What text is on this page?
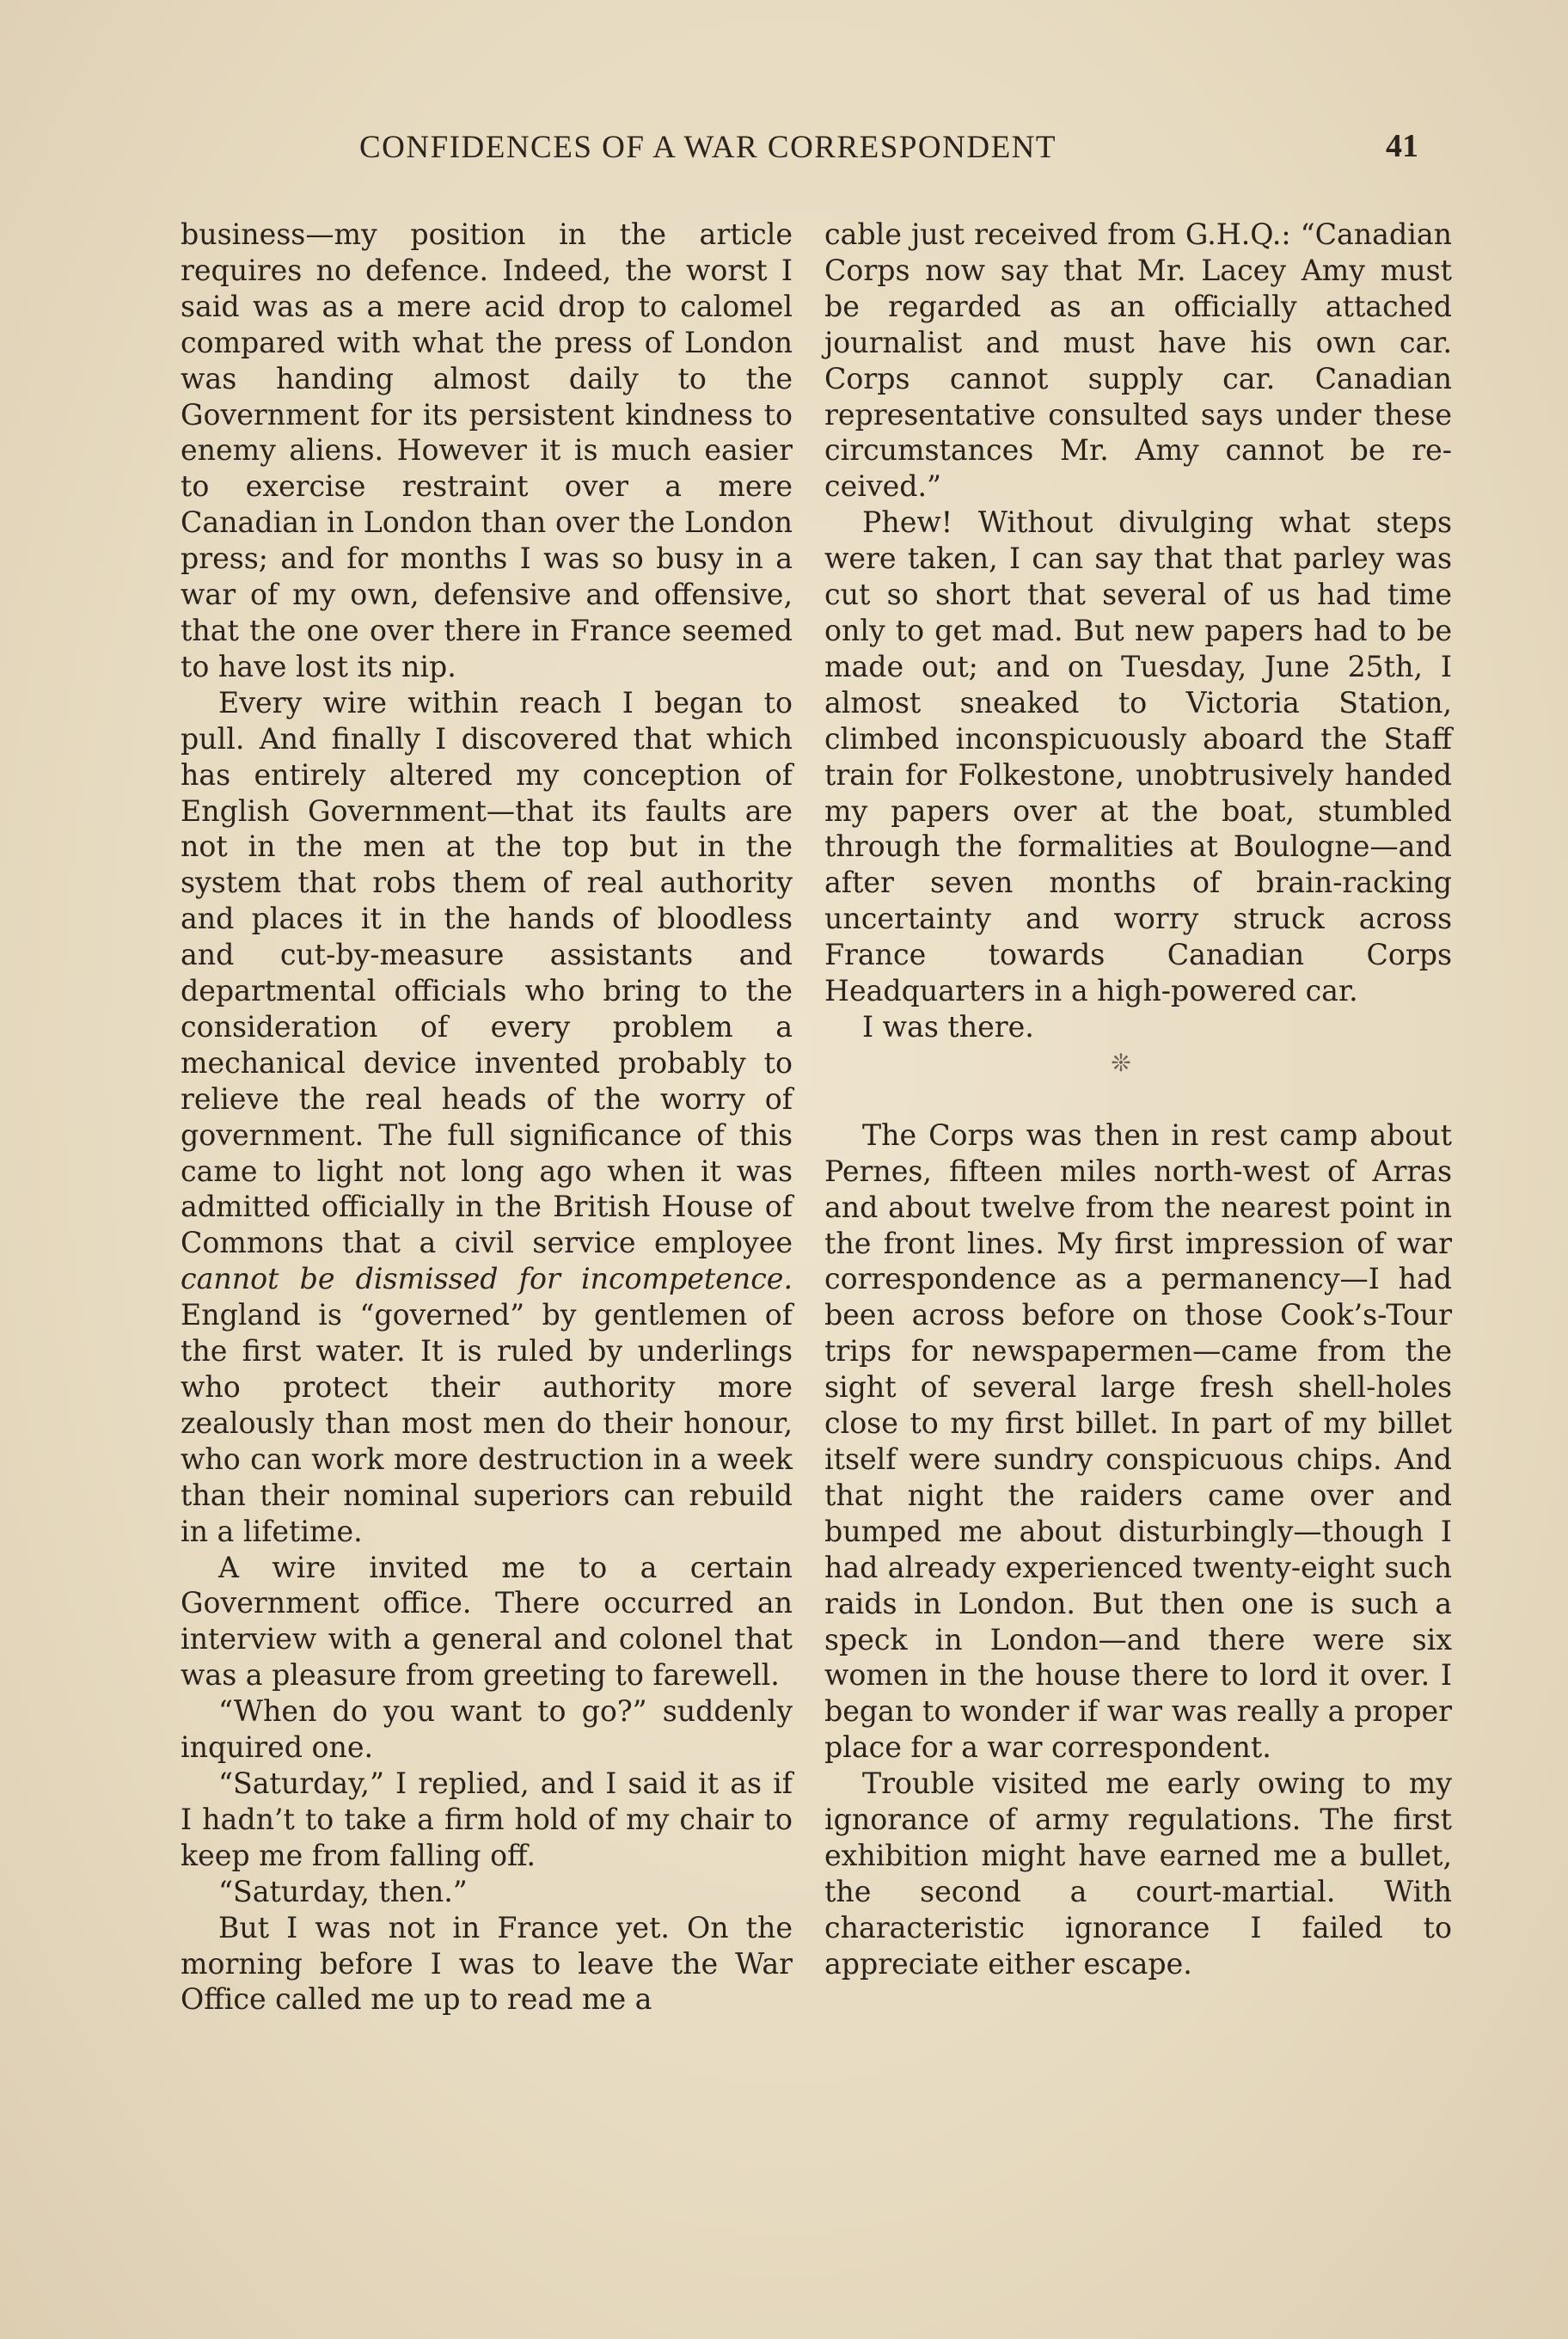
CONFIDENCES OF A WAR CORRESPONDENT	41

business—my position in the article requires no defence. Indeed, the worst I said was as a mere acid drop to calomel compared with what the press of London was handing almost daily to the Government for its persistent kindness to enemy aliens. However it is much easier to exercise restraint over a mere Canadian in London than over the London press; and for months I was so busy in a war of my own, defensive and offensive, that the one over there in France seemed to have lost its nip.

Every wire within reach I began to pull. And finally I discovered that which has entirely altered my conception of English Government—that its faults are not in the men at the top but in the system that robs them of real authority and places it in the hands of bloodless and cut-by-measure assistants and departmental officials who bring to the consideration of every problem a mechanical device invented probably to relieve the real heads of the worry of government. The full significance of this came to light not long ago when it was admitted officially in the British House of Commons that a civil service employee cannot be dismissed for incompetence. England is “governed” by gentlemen of the first water. It is ruled by underlings who protect their authority more zealously than most men do their honour, who can work more destruction in a week than their nominal superiors can rebuild in a lifetime.

A wire invited me to a certain Government office. There occurred an interview with a general and colonel that was a pleasure from greeting to farewell.

“When do you want to go?” suddenly inquired one.

“Saturday,” I replied, and I said it as if I hadn’t to take a firm hold of my chair to keep me from falling off.

“Saturday, then.”

But I was not in France yet. On the morning before I was to leave the War Office called me up to read me a

cable just received from G.H.Q.: “Canadian Corps now say that Mr. Lacey Amy must be regarded as an officially attached journalist and must have his own car. Corps cannot supply car. Canadian representative consulted says under these circumstances Mr. Amy cannot be received.”

Phew! Without divulging what steps were taken, I can say that that parley was cut so short that several of us had time only to get mad. But new papers had to be made out; and on Tuesday, June 25th, I almost sneaked to Victoria Station, climbed inconspicuously aboard the Staff train for Folkestone, unobtrusively handed my papers over at the boat, stumbled through the formalities at Boulogne—and after seven months of brain-racking uncertainty and worry struck across France towards Canadian Corps Headquarters in a high-powered car.

I was there.

❊

The Corps was then in rest camp about Pernes, fifteen miles north-west of Arras and about twelve from the nearest point in the front lines. My first impression of war correspondence as a permanency—I had been across before on those Cook’s-Tour trips for newspapermen—came from the sight of several large fresh shell-holes close to my first billet. In part of my billet itself were sundry conspicuous chips. And that night the raiders came over and bumped me about disturbingly—though I had already experienced twenty-eight such raids in London. But then one is such a speck in London—and there were six women in the house there to lord it over. I began to wonder if war was really a proper place for a war correspondent.

Trouble visited me early owing to my ignorance of army regulations. The first exhibition might have earned me a bullet, the second a court-martial. With characteristic ignorance I failed to appreciate either escape.
